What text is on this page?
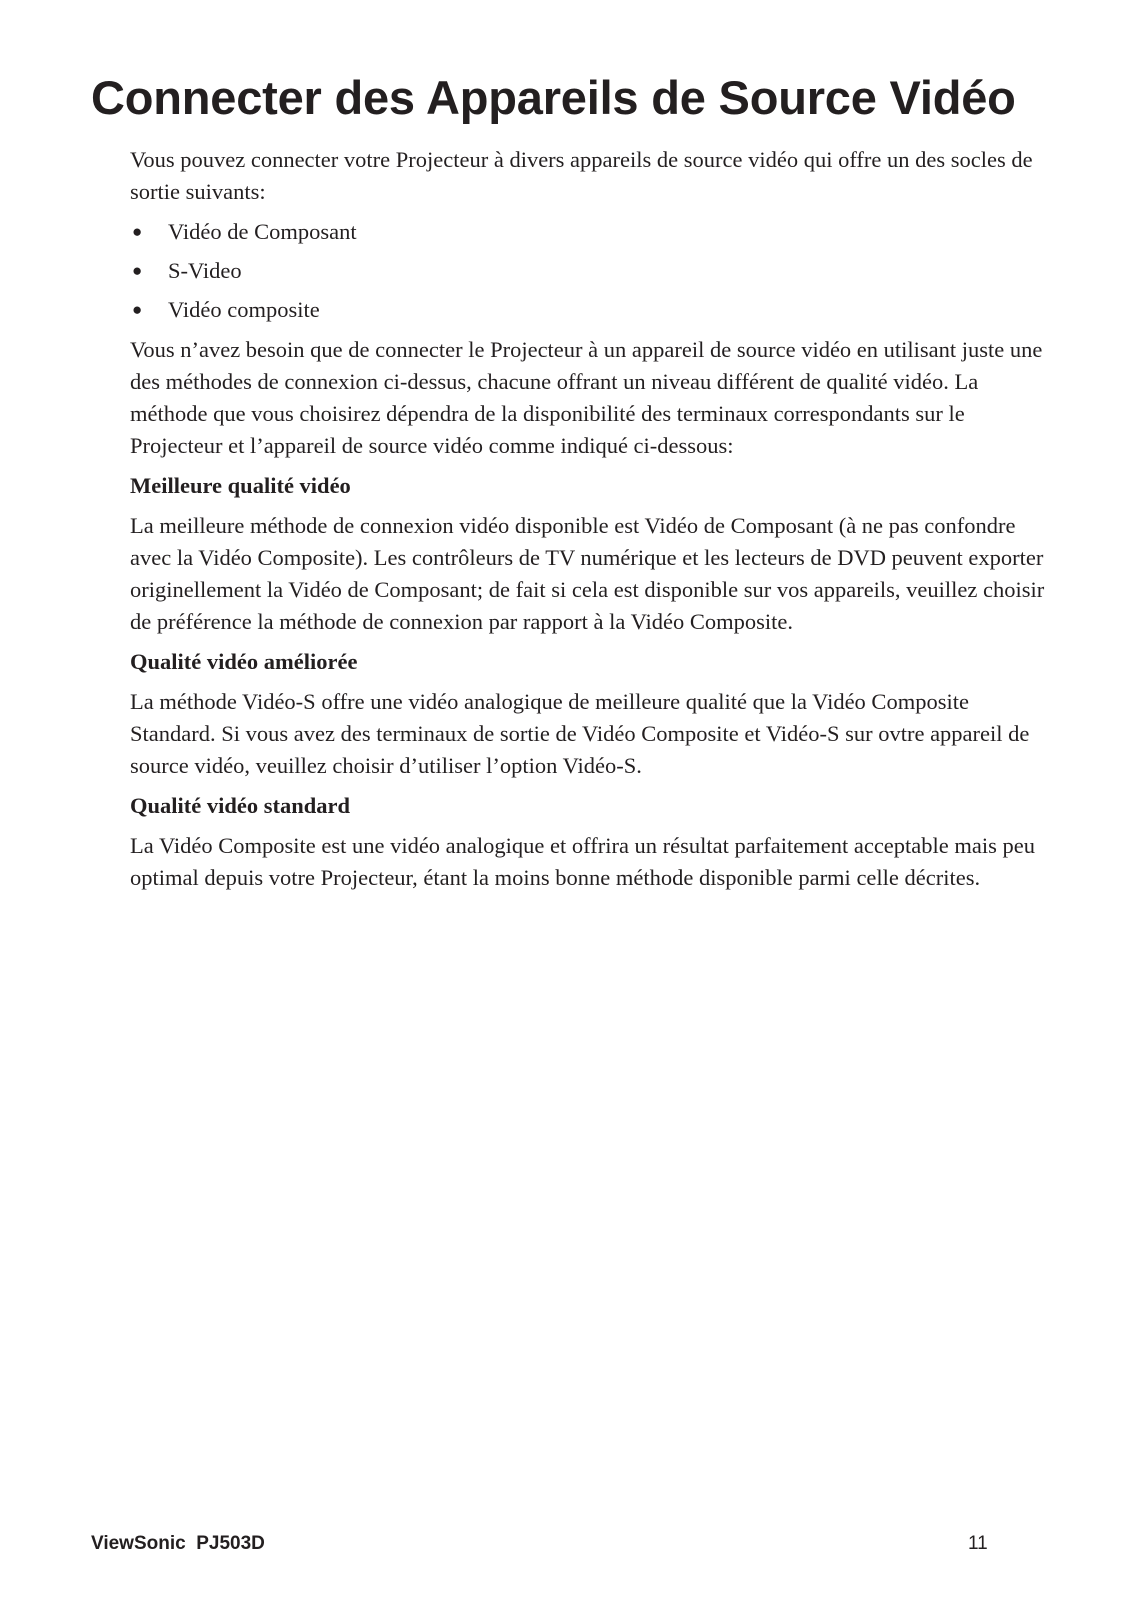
Connecter des Appareils de Source Vidéo

Vous pouvez connecter votre Projecteur à divers appareils de source vidéo qui offre un des socles de sortie suivants:

● Vidéo de Composant
● S-Video
● Vidéo composite

Vous n’avez besoin que de connecter le Projecteur à un appareil de source vidéo en utilisant juste une des méthodes de connexion ci-dessus, chacune offrant un niveau différent de qualité vidéo. La méthode que vous choisirez dépendra de la disponibilité des terminaux correspondants sur le Projecteur et l’appareil de source vidéo comme indiqué ci-dessous:

Meilleure qualité vidéo

La meilleure méthode de connexion vidéo disponible est Vidéo de Composant (à ne pas confondre avec la Vidéo Composite). Les contrôleurs de TV numérique et les lecteurs de DVD peuvent exporter originellement la Vidéo de Composant; de fait si cela est disponible sur vos appareils, veuillez choisir de préférence la méthode de connexion par rapport à la Vidéo Composite.

Qualité vidéo améliorée

La méthode Vidéo-S offre une vidéo analogique de meilleure qualité que la Vidéo Composite Standard. Si vous avez des terminaux de sortie de Vidéo Composite et Vidéo-S sur ovtre appareil de source vidéo, veuillez choisir d’utiliser l’option Vidéo-S.

Qualité vidéo standard

La Vidéo Composite est une vidéo analogique et offrira un résultat parfaitement acceptable mais peu optimal depuis votre Projecteur, étant la moins bonne méthode disponible parmi celle décrites.

ViewSonic  PJ503D	11
